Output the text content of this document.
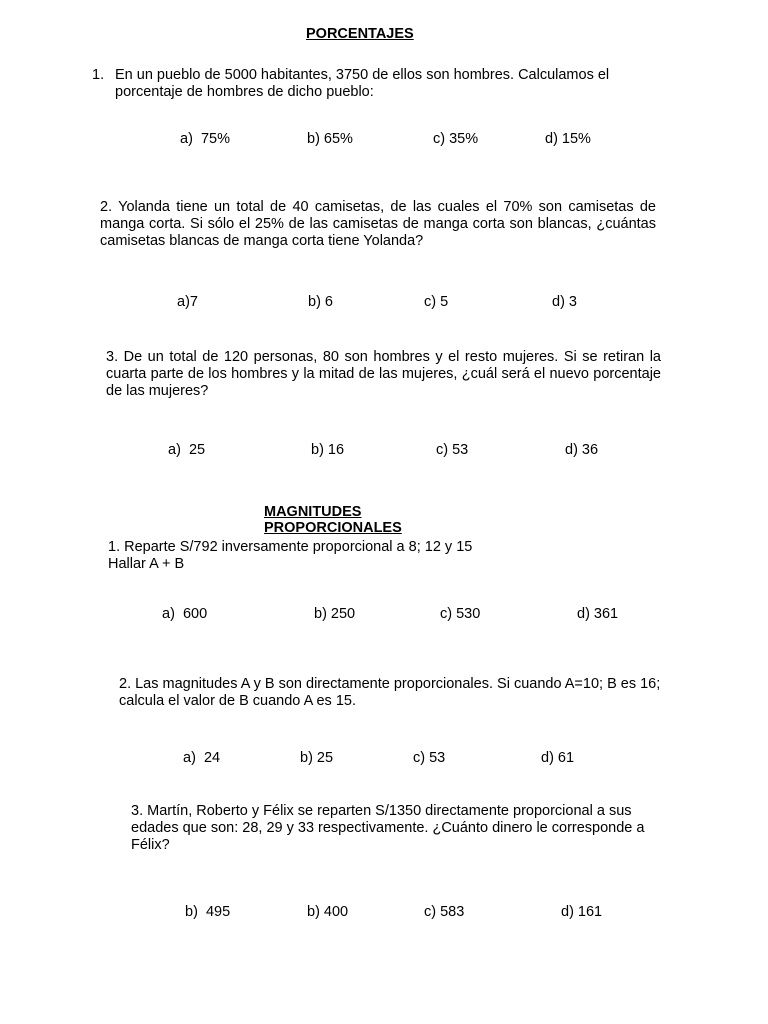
PORCENTAJES
1. En un pueblo de 5000 habitantes, 3750 de ellos son hombres. Calculamos el porcentaje de hombres de dicho pueblo:
a)  75%	b) 65%	c) 35%	d) 15%
2. Yolanda tiene un total de 40 camisetas, de las cuales el 70% son camisetas de manga corta. Si sólo el 25% de las camisetas de manga corta son blancas, ¿cuántas camisetas blancas de manga corta tiene Yolanda?
a)7	b) 6	c) 5	d) 3
3. De un total de 120 personas, 80 son hombres y el resto mujeres. Si se retiran la cuarta parte de los hombres y la mitad de las mujeres, ¿cuál será el nuevo porcentaje de las mujeres?
a)  25	b) 16	c) 53	d) 36
MAGNITUDES
PROPORCIONALES
1. Reparte S/792 inversamente proporcional a 8; 12 y 15
Hallar A + B
a)  600	b) 250	c) 530	d) 361
2. Las magnitudes A y B son directamente proporcionales. Si cuando A=10; B es 16; calcula el valor de B cuando A es 15.
a)  24	b) 25	c) 53	d) 61
3. Martín, Roberto y Félix se reparten S/1350 directamente proporcional a sus edades que son: 28, 29 y 33 respectivamente. ¿Cuánto dinero le corresponde a Félix?
b)  495	b) 400	c) 583	d) 161
